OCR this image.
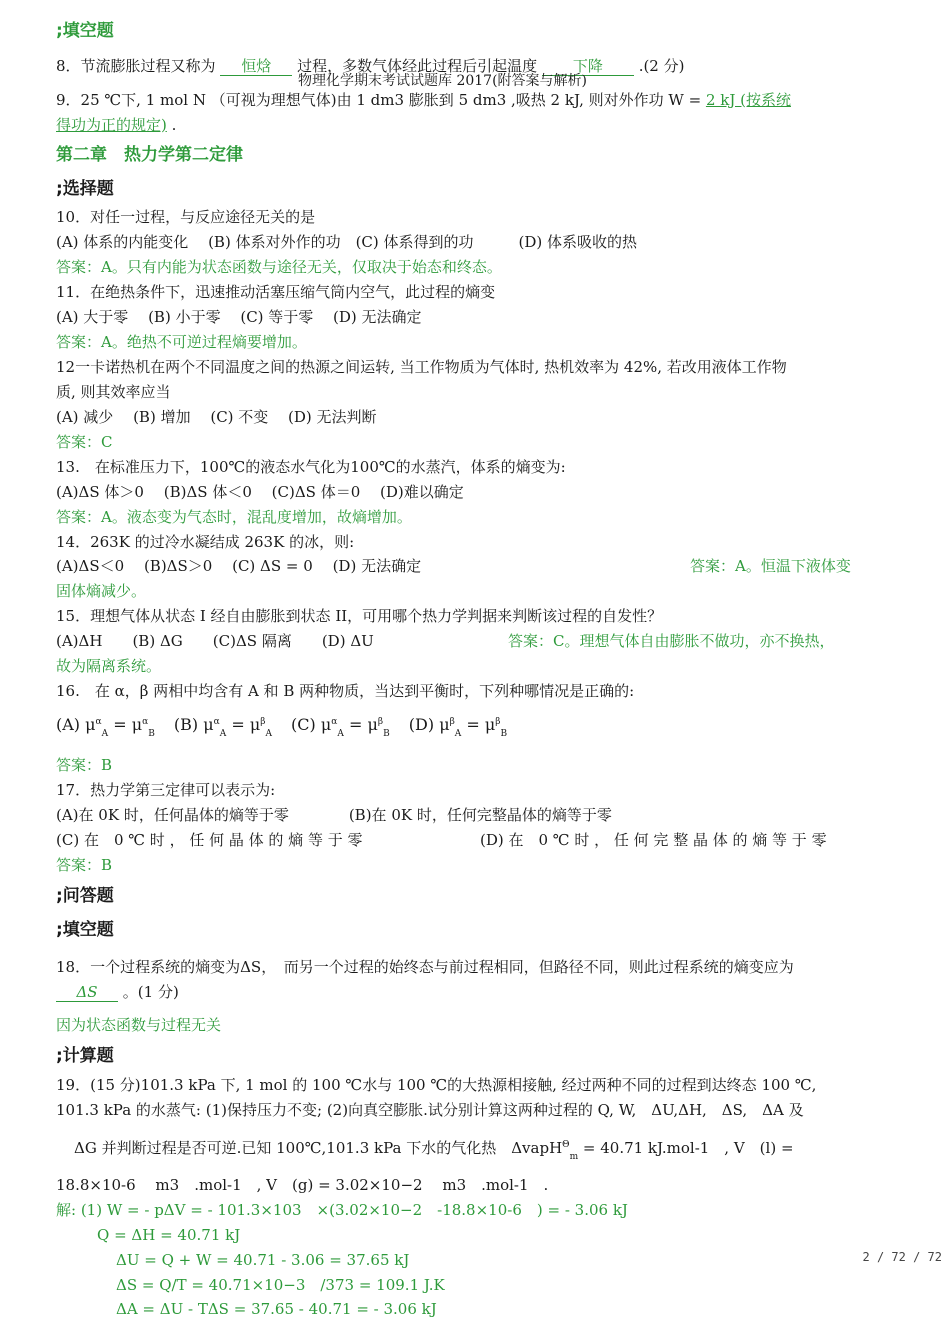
;填空题
8．节流膨胀过程又称为 恒焓 过程，多数气体经此过程后引起温度 下降 .(2 分)
物理化学期末考试试题库 2017(附答案与解析)
9．25 ℃下, 1 mol N （可视为理想气体)由 1 dm3 膨胀到 5 dm3 ,吸热 2 kJ, 则对外作功 W = 2 kJ (按系统
得功为正的规定) .
第二章　热力学第二定律
;选择题
10．对任一过程，与反应途径无关的是
(A) 体系的内能变化　 (B) 体系对外作的功　(C) 体系得到的功　　　(D) 体系吸收的热
答案：A。只有内能为状态函数与途径无关，仅取决于始态和终态。
11．在绝热条件下，迅速推动活塞压缩气筒内空气，此过程的熵变
(A) 大于零　 (B) 小于零　 (C) 等于零　 (D) 无法确定
答案：A。绝热不可逆过程熵要增加。
12一卡诺热机在两个不同温度之间的热源之间运转, 当工作物质为气体时, 热机效率为 42%, 若改用液体工作物
质, 则其效率应当
(A) 减少　 (B) 增加　 (C) 不变　 (D) 无法判断
答案：C
13.　在标准压力下，100℃的液态水气化为100℃的水蒸汽，体系的熵变为:
(A)ΔS 体＞0　 (B)ΔS 体＜0　 (C)ΔS 体＝0　 (D)难以确定
答案：A。液态变为气态时，混乱度增加，故熵增加。
14．263K 的过冷水凝结成 263K 的冰，则:
(A)ΔS＜0　 (B)ΔS＞0　 (C) ΔS = 0　 (D) 无法确定	答案：A。恒温下液体变
固体熵减少。
15．理想气体从状态 I 经自由膨胀到状态 II，可用哪个热力学判据来判断该过程的自发性？
(A)ΔH　　(B) ΔG　　(C)ΔS 隔离　　(D) ΔU	答案：C。理想气体自由膨胀不做功，亦不换热，
故为隔离系统。
16.　在 α，β 两相中均含有 A 和 B 两种物质，当达到平衡时，下列种哪情况是正确的:
(A) $\mu^\alpha_A = \mu^\alpha_B$ (B) $\mu^\alpha_A = \mu^\beta_A$ (C) $\mu^\alpha_A = \mu^\beta_B$ (D) $\mu^\beta_A = \mu^\beta_B$
答案：B
17．热力学第三定律可以表示为:
(A)在 0K 时，任何晶体的熵等于零　　　　(B)在 0K 时，任何完整晶体的熵等于零
(C) 在　0 ℃ 时 ， 任 何 晶 体 的 熵 等 于 零	(D) 在　0 ℃ 时 ， 任 何 完 整 晶 体 的 熵 等 于 零
答案：B
;问答题
;填空题
18．一个过程系统的熵变为ΔS，　而另一个过程的始终态与前过程相同，但路径不同，则此过程系统的熵变应为
ΔS 。(1 分)
因为状态函数与过程无关
;计算题
19．(15 分)101.3 kPa 下, 1 mol 的 100 ℃水与 100 ℃的大热源相接触, 经过两种不同的过程到达终态 100 ℃,
101.3 kPa 的水蒸气: (1)保持压力不变; (2)向真空膨胀.试分别计算这两种过程的 Q, W,　ΔU,ΔH,　ΔS,　ΔA 及
ΔG 并判断过程是否可逆.已知 100℃,101.3 kPa 下水的气化热　ΔvapH$^\Theta_m$ = 40.71 kJ.mol-1　, V　(l) =
18.8×10-6　 m3　.mol-1　, V　(g) = 3.02×10−2　 m3　.mol-1　.
解: (1) W = - pΔV = - 101.3×103　×(3.02×10−2　-18.8×10-6　) = - 3.06 kJ
Q = ΔH = 40.71 kJ
ΔU = Q + W = 40.71 - 3.06 = 37.65 kJ
ΔS = Q/T = 40.71×10−3　/373 = 109.1 J.K
ΔA = ΔU - TΔS = 37.65 - 40.71 = - 3.06 kJ
2 / 72 / 72
